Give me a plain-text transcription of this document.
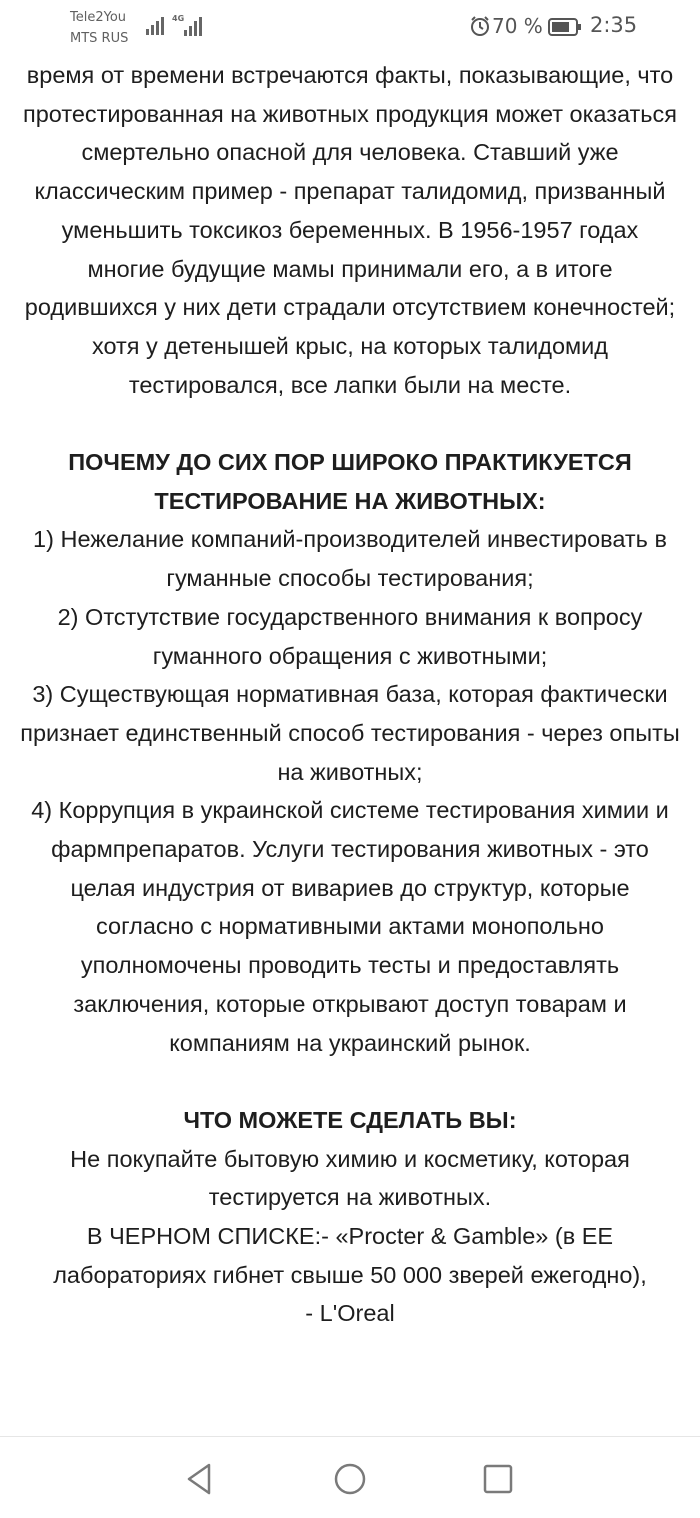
Tele2You
MTS RUS
4G	70 % 2:35

время от времени встречаются факты, показывающие, что протестированная на животных продукция может оказаться смертельно опасной для человека. Ставший уже классическим пример - препарат талидомид, призванный уменьшить токсикоз беременных. В 1956-1957 годах многие будущие мамы принимали его, а в итоге родившихся у них дети страдали отсутствием конечностей; хотя у детенышей крыс, на которых талидомид тестировался, все лапки были на месте.

ПОЧЕМУ ДО СИХ ПОР ШИРОКО ПРАКТИКУЕТСЯ ТЕСТИРОВАНИЕ НА ЖИВОТНЫХ:

1) Нежелание компаний-производителей инвестировать в гуманные способы тестирования;

2) Отстутствие государственного внимания к вопросу гуманного обращения с животными;

3) Существующая нормативная база, которая фактически признает единственный способ тестирования - через опыты на животных;

4) Коррупция в украинской системе тестирования химии и фармпрепаратов. Услуги тестирования животных - это целая индустрия от вивариев до структур, которые согласно с нормативными актами монопольно уполномочены проводить тесты и предоставлять заключения, которые открывают доступ товарам и компаниям на украинский рынок.

ЧТО МОЖЕТЕ СДЕЛАТЬ ВЫ:

Не покупайте бытовую химию и косметику, которая тестируется на животных.

В ЧЕРНОМ СПИСКЕ:- «Procter & Gamble» (в ЕЕ лабораториях гибнет свыше 50 000 зверей ежегодно),

- L'Oreal
